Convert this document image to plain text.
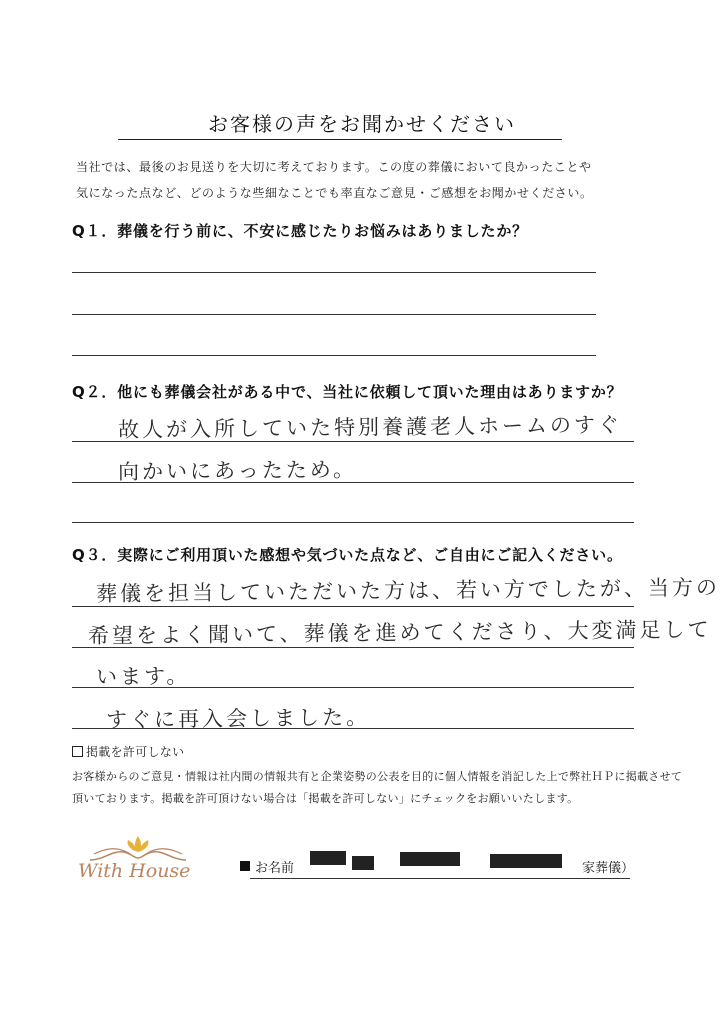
お客様の声をお聞かせください
当社では、最後のお見送りを大切に考えております。この度の葬儀において良かったことや
気になった点など、どのような些細なことでも率直なご意見・ご感想をお聞かせください。
Q１．葬儀を行う前に、不安に感じたりお悩みはありましたか？
Q２．他にも葬儀会社がある中で、当社に依頼して頂いた理由はありますか？
故人が入所していた特別養護老人ホームのすぐ
向かいにあったため。
Q３．実際にご利用頂いた感想や気づいた点など、ご自由にご記入ください。
葬儀を担当していただいた方は、若い方でしたが、当方の
希望をよく聞いて、葬儀を進めてくださり、大変満足して
います。
すぐに再入会しました。
掲載を許可しない
お客様からのご意見・情報は社内間の情報共有と企業姿勢の公表を目的に個人情報を消記した上で弊社ＨＰに掲載させて
頂いております。掲載を許可頂けない場合は「掲載を許可しない」にチェックをお願いいたします。
With House	お名前	家葬儀）
